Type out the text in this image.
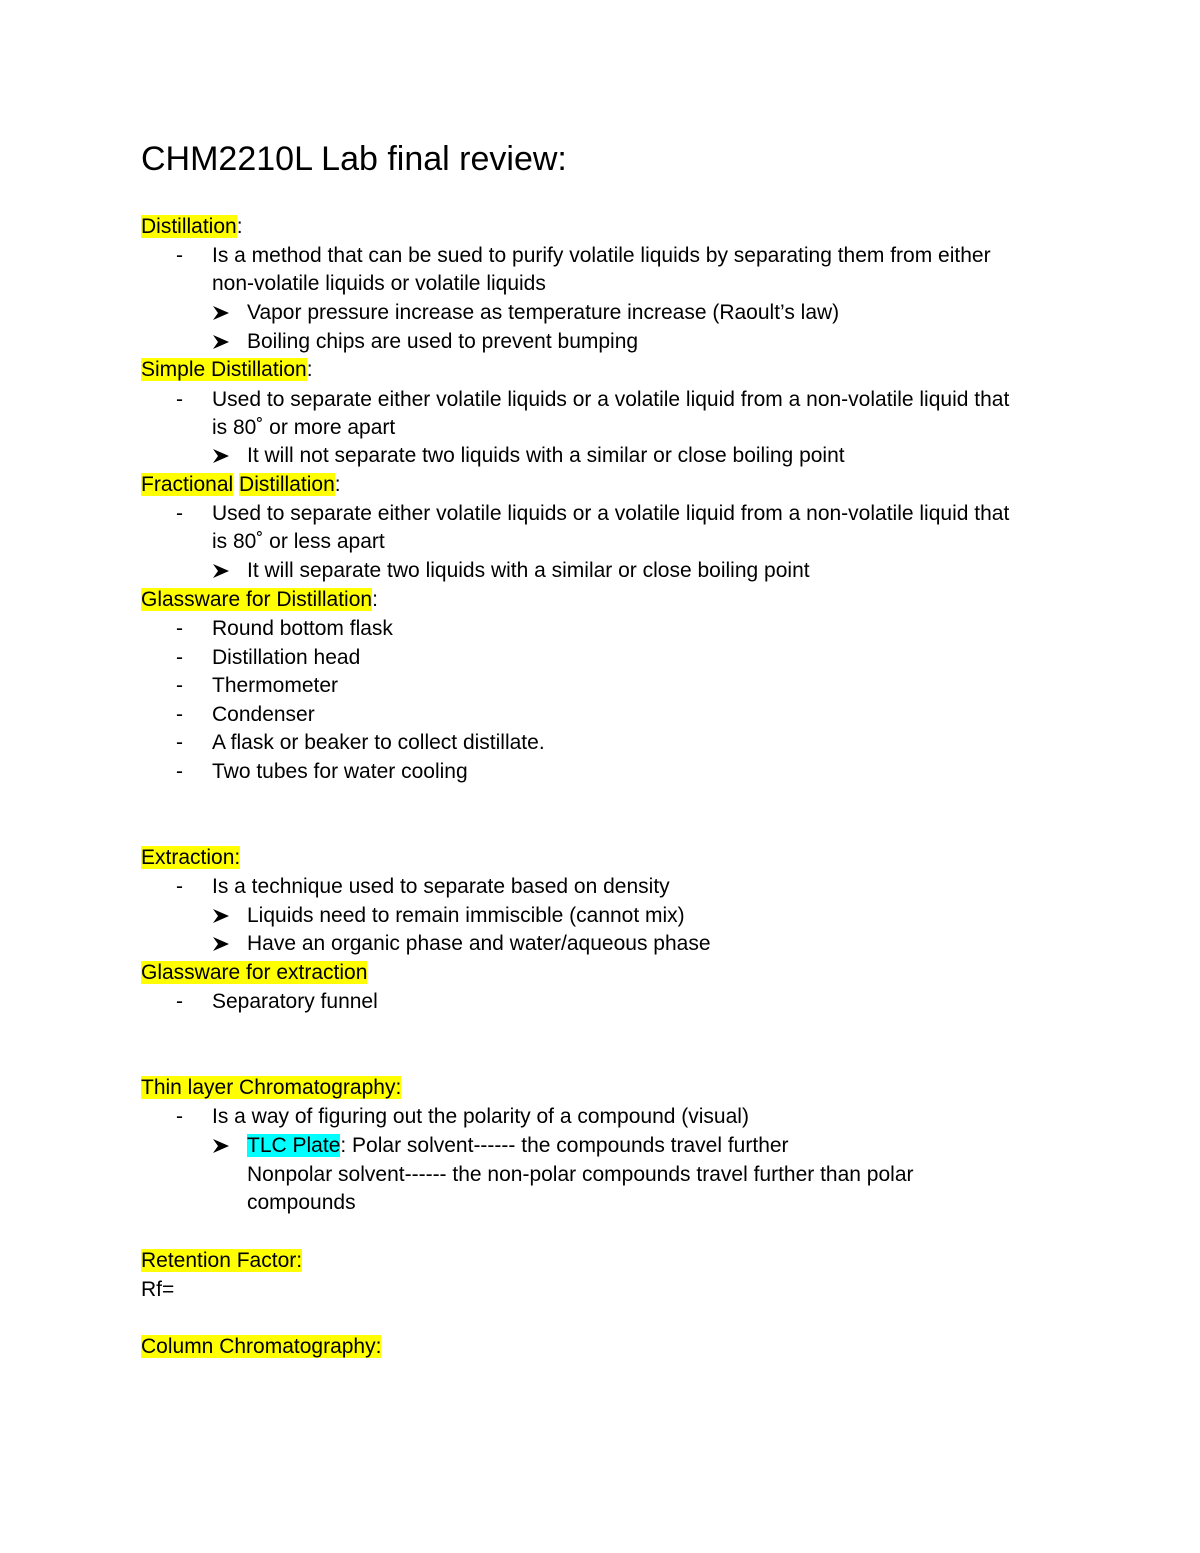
CHM2210L Lab final review:
Distillation:
- Is a method that can be sued to purify volatile liquids by separating them from either
non-volatile liquids or volatile liquids
Vapor pressure increase as temperature increase (Raoult’s law)
Boiling chips are used to prevent bumping
Simple Distillation:
- Used to separate either volatile liquids or a volatile liquid from a non-volatile liquid that
is 80˚ or more apart
It will not separate two liquids with a similar or close boiling point
Fractional Distillation:
- Used to separate either volatile liquids or a volatile liquid from a non-volatile liquid that
is 80˚ or less apart
It will separate two liquids with a similar or close boiling point
Glassware for Distillation:
- Round bottom flask
- Distillation head
- Thermometer
- Condenser
- A flask or beaker to collect distillate.
- Two tubes for water cooling
Extraction:
- Is a technique used to separate based on density
Liquids need to remain immiscible (cannot mix)
Have an organic phase and water/aqueous phase
Glassware for extraction
- Separatory funnel
Thin layer Chromatography:
- Is a way of figuring out the polarity of a compound (visual)
TLC Plate: Polar solvent------ the compounds travel further
Nonpolar solvent------ the non-polar compounds travel further than polar
compounds
Retention Factor:
Rf=
Column Chromatography:
